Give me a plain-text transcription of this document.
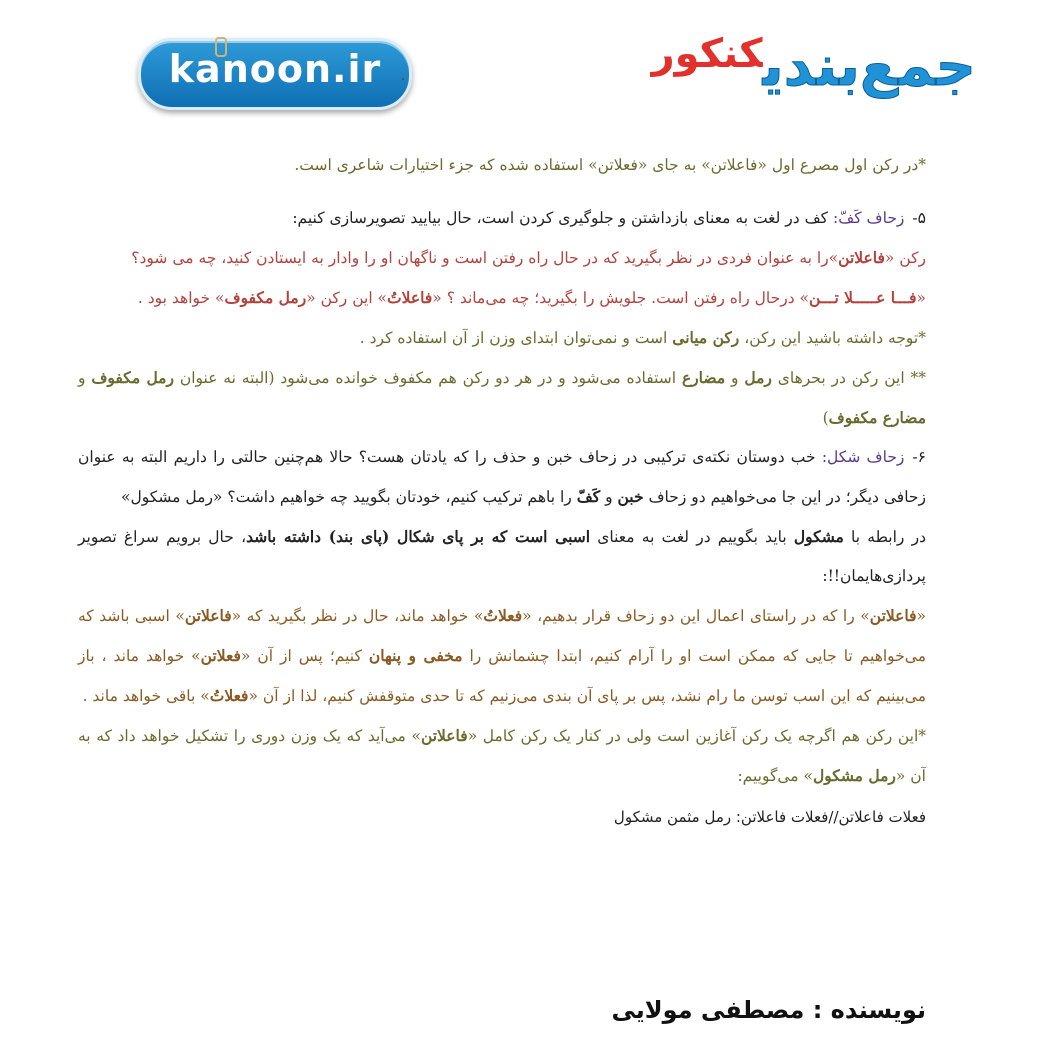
kanoon.ir	جمع‌بندیکنکور

*در رکن اول مصرع اول «فاعلاتن» به جای «فعلاتن» استفاده شده که جزء اختیارات شاعری است.

۵-زحاف کَفّ: کف در لغت به معنای بازداشتن و جلوگیری کردن است، حال بیایید تصویرسازی کنیم:

رکن «فاعلاتن»را به عنوان فردی در نظر بگیرید که در حال راه رفتن است و ناگهان او را وادار به ایستادن کنید، چه می شود؟

«فـــا عـــــلا تـــن» درحال راه رفتن است. جلویش را بگیرید؛ چه می‌ماند ؟ «فاعلاتُ» این رکن «رمل مکفوف» خواهد بود .

*توجه داشته باشید این رکن، رکن میانی است و نمی‌توان ابتدای وزن از آن استفاده کرد .

** این رکن در بحرهای رمل و مضارع استفاده می‌شود و در هر دو رکن هم مکفوف خوانده می‌شود (البته نه عنوان رمل مکفوف و مضارع مکفوف)

۶-زحاف شکل: خب دوستان نکته‌ی ترکیبی در زحاف خبن و حذف را که یادتان هست؟ حالا هم‌چنین حالتی را داریم البته به عنوان زحافی دیگر؛ در این جا می‌خواهیم دو زحاف خبن و کَفّ را باهم ترکیب کنیم، خودتان بگویید چه خواهیم داشت؟ «رمل مشکول»

در رابطه با مشکول باید بگوییم در لغت به معنای اسبی است که بر پای شکال (پای بند) داشته باشد، حال برویم سراغ تصویر پردازی‌هایمان!!:

«فاعلاتن» را که در راستای اعمال این دو زحاف قرار بدهیم، «فعلاتُ» خواهد ماند، حال در نظر بگیرید که «فاعلاتن» اسبی باشد که می‌خواهیم تا جایی که ممکن است او را آرام کنیم، ابتدا چشمانش را مخفی و پنهان کنیم؛ پس از آن «فعلاتن» خواهد ماند ، باز می‌بینیم که این اسب توسن ما رام نشد، پس بر پای آن بندی می‌زنیم که تا حدی متوقفش کنیم، لذا از آن «فعلاتُ» باقی خواهد ماند .

*این رکن هم اگرچه یک رکن آغازین است ولی در کنار یک رکن کامل «فاعلاتن» می‌آید که یک وزن دوری را تشکیل خواهد داد که به آن «رمل مشکول» می‌گوییم:

فعلات فاعلاتن//فعلات فاعلاتن: رمل مثمن مشکول

نویسنده : مصطفی مولایی
